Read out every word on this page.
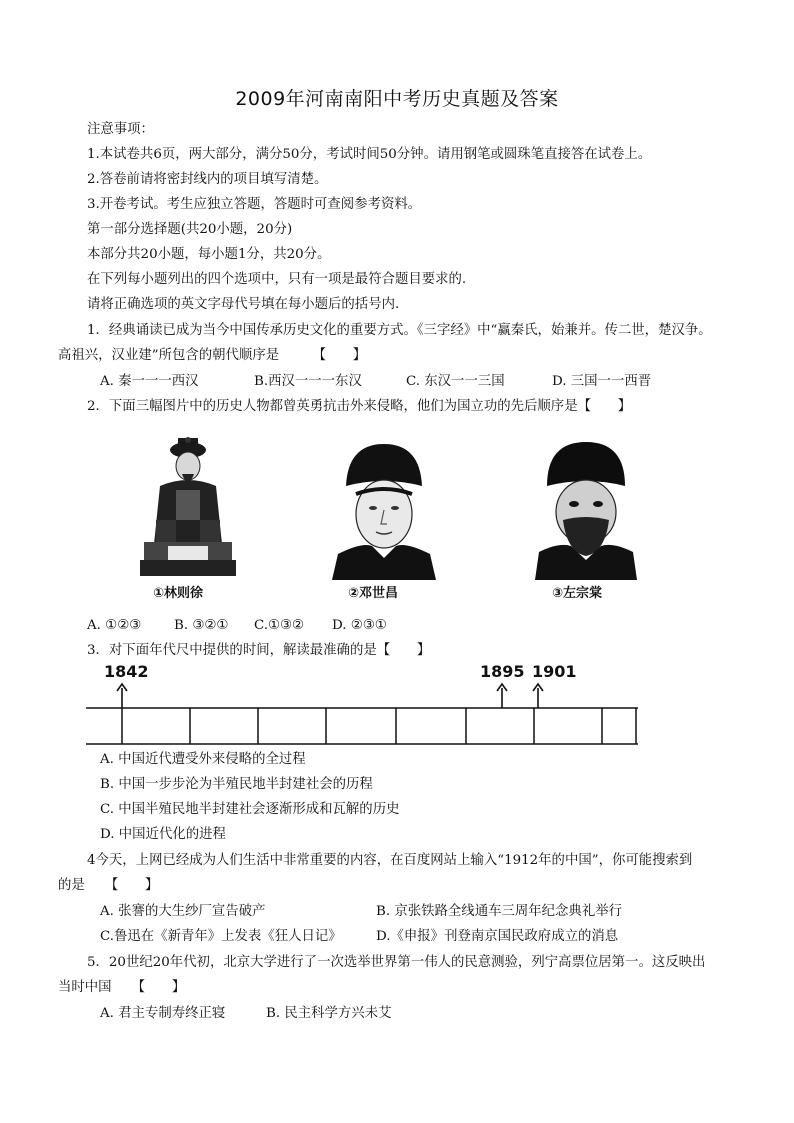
2009年河南南阳中考历史真题及答案
注意事项：
1.本试卷共6页，两大部分，满分50分，考试时间50分钟。请用钢笔或圆珠笔直接答在试卷上。
2.答卷前请将密封线内的项目填写清楚。
3.开卷考试。考生应独立答题，答题时可查阅参考资料。
第一部分选择题(共20小题，20分)
本部分共20小题，每小题1分，共20分。
在下列每小题列出的四个选项中，只有一项是最符合题目要求的.
请将正确选项的英文字母代号填在每小题后的括号内.
1．经典诵读已成为当今中国传承历史文化的重要方式。《三字经》中“赢秦氏，始兼并。传二世，楚汉争。
高祖兴，汉业建”所包含的朝代顺序是　　　【　　】
A. 秦一一一西汉	B.西汉一一一东汉	C. 东汉一一三国	D. 三国一一西晋
2．下面三幅图片中的历史人物都曾英勇抗击外来侵略，他们为国立功的先后顺序是【　　】
①林则徐	②邓世昌	③左宗棠
A. ①②③ B. ③②① C.①③② D. ②③①
3．对下面年代尺中提供的时间，解读最准确的是【　　】
1842	1895 1901
A. 中国近代遭受外来侵略的全过程
B. 中国一步步沦为半殖民地半封建社会的历程
C. 中国半殖民地半封建社会逐渐形成和瓦解的历史
D. 中国近代化的进程
4今天，上网已经成为人们生活中非常重要的内容，在百度网站上输入“1912年的中国”，你可能搜索到
的是　　【　　】
A. 张謇的大生纱厂宣告破产	B. 京张铁路全线通车三周年纪念典礼举行
C.鲁迅在《新青年》上发表《狂人日记》	D.《申报》刊登南京国民政府成立的消息
5．20世纪20年代初，北京大学进行了一次选举世界第一伟人的民意测验，列宁高票位居第一。这反映出
当时中国　　【　　】
A. 君主专制寿终正寝	B. 民主科学方兴未艾
